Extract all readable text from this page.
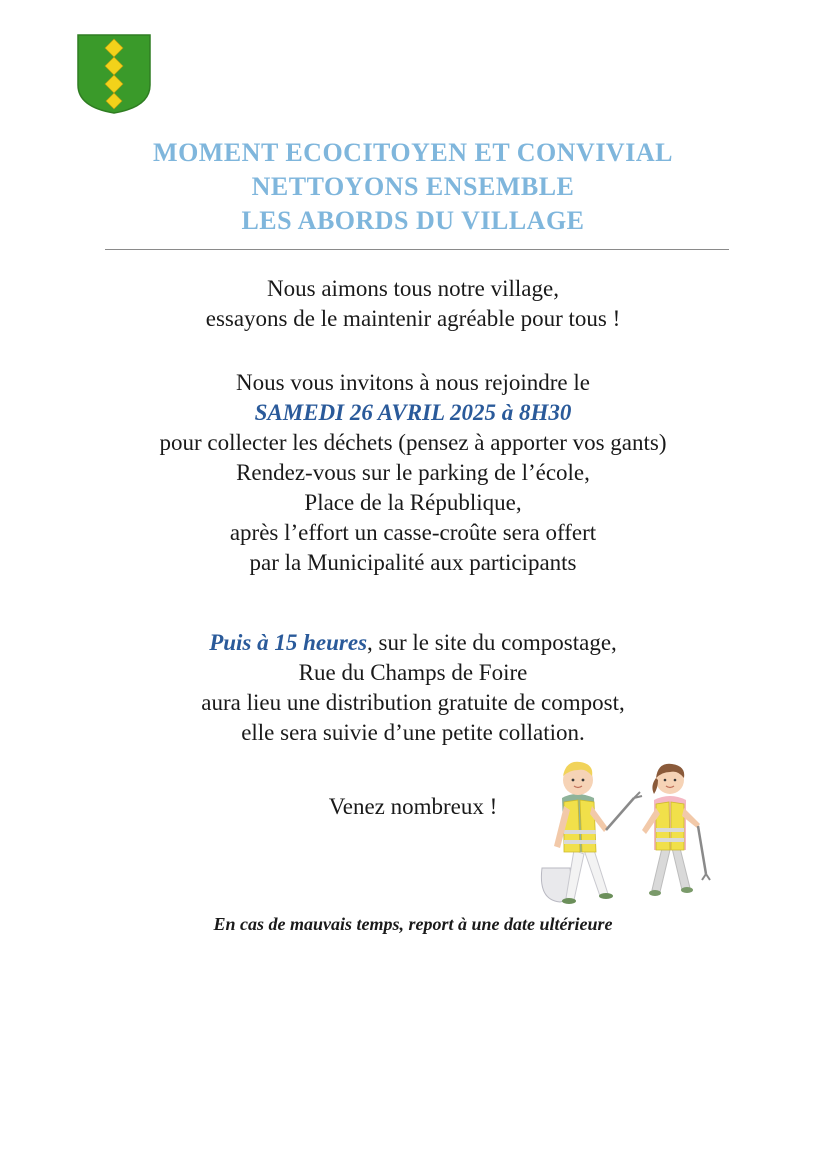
MOMENT ECOCITOYEN ET CONVIVIAL
NETTOYONS ENSEMBLE
LES ABORDS DU VILLAGE
Nous aimons tous notre village,
essayons de le maintenir agréable pour tous !
Nous vous invitons à nous rejoindre le
SAMEDI 26 AVRIL 2025 à 8H30
pour collecter les déchets (pensez à apporter vos gants)
Rendez-vous sur le parking de l’école,
Place de la République,
après l’effort un casse-croûte sera offert
par la Municipalité aux participants
Puis à 15 heures, sur le site du compostage,
Rue du Champs de Foire
aura lieu une distribution gratuite de compost,
elle sera suivie d’une petite collation.
Venez nombreux !
En cas de mauvais temps, report à une date ultérieure
